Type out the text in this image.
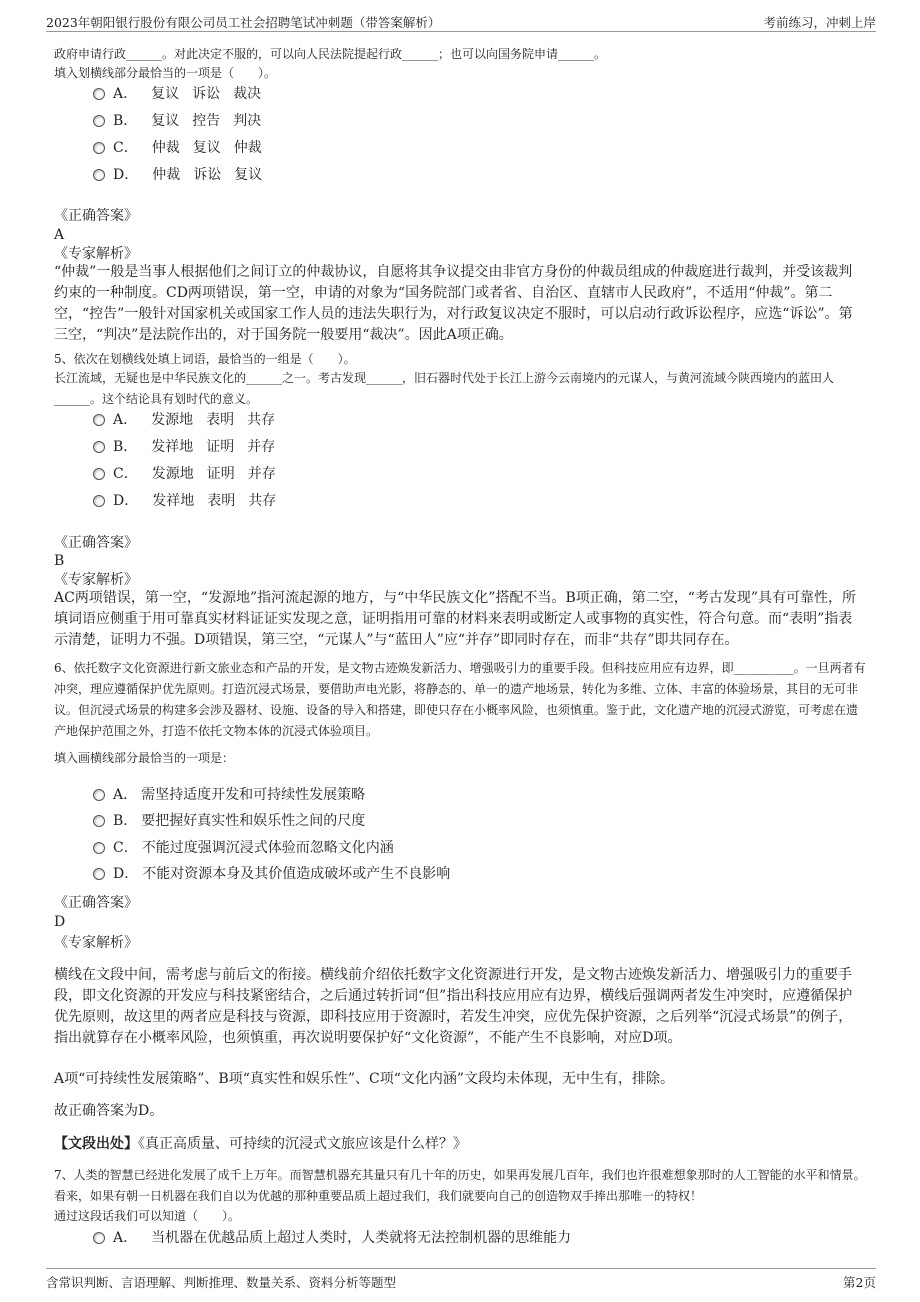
2023年朝阳银行股份有限公司员工社会招聘笔试冲刺题（带答案解析）	考前练习，冲刺上岸
政府申请行政______。对此决定不服的，可以向人民法院提起行政______；也可以向国务院申请______。
填入划横线部分最恰当的一项是（　　）。
A． 复议 诉讼 裁决
B． 复议 控告 判决
C． 仲裁 复议 仲裁
D． 仲裁 诉讼 复议
《正确答案》
A
《专家解析》
“仲裁”一般是当事人根据他们之间订立的仲裁协议，自愿将其争议提交由非官方身份的仲裁员组成的仲裁庭进行裁判，并受该裁判约束的一种制度。CD两项错误，第一空，申请的对象为“国务院部门或者省、自治区、直辖市人民政府”，不适用“仲裁”。第二空，“控告”一般针对国家机关或国家工作人员的违法失职行为，对行政复议决定不服时，可以启动行政诉讼程序，应选“诉讼”。第三空，“判决”是法院作出的，对于国务院一般要用“裁决”。因此A项正确。
5、依次在划横线处填上词语，最恰当的一组是（　　）。
长江流域，无疑也是中华民族文化的______之一。考古发现______，旧石器时代处于长江上游今云南境内的元谋人，与黄河流域今陕西境内的蓝田人______。这个结论具有划时代的意义。
A． 发源地 表明 共存
B． 发祥地 证明 并存
C． 发源地 证明 并存
D． 发祥地 表明 共存
《正确答案》
B
《专家解析》
AC两项错误，第一空，“发源地”指河流起源的地方，与“中华民族文化”搭配不当。B项正确，第二空，“考古发现”具有可靠性，所填词语应侧重于用可靠真实材料证证实发现之意，证明指用可靠的材料来表明或断定人或事物的真实性，符合句意。而“表明”指表示清楚，证明力不强。D项错误，第三空，“元谋人”与“蓝田人”应“并存”即同时存在，而非“共存”即共同存在。
6、依托数字文化资源进行新文旅业态和产品的开发，是文物古迹焕发新活力、增强吸引力的重要手段。但科技应用应有边界，即__________。一旦两者有冲突，理应遵循保护优先原则。打造沉浸式场景，要借助声电光影，将静态的、单一的遗产地场景，转化为多维、立体、丰富的体验场景，其目的无可非议。但沉浸式场景的构建多会涉及器材、设施、设备的导入和搭建，即使只存在小概率风险，也须慎重。鉴于此，文化遗产地的沉浸式游览，可考虑在遗产地保护范围之外，打造不依托文物本体的沉浸式体验项目。
填入画横线部分最恰当的一项是：
A． 需坚持适度开发和可持续性发展策略
B． 要把握好真实性和娱乐性之间的尺度
C． 不能过度强调沉浸式体验而忽略文化内涵
D． 不能对资源本身及其价值造成破坏或产生不良影响
《正确答案》
D
《专家解析》
横线在文段中间，需考虑与前后文的衔接。横线前介绍依托数字文化资源进行开发，是文物古迹焕发新活力、增强吸引力的重要手段，即文化资源的开发应与科技紧密结合，之后通过转折词“但”指出科技应用应有边界，横线后强调两者发生冲突时，应遵循保护优先原则，故这里的两者应是科技与资源，即科技应用于资源时，若发生冲突，应优先保护资源，之后列举“沉浸式场景”的例子，指出就算存在小概率风险，也须慎重，再次说明要保护好“文化资源”，不能产生不良影响，对应D项。
A项“可持续性发展策略”、B项“真实性和娱乐性”、C项“文化内涵”文段均未体现，无中生有，排除。
故正确答案为D。
【文段出处】《真正高质量、可持续的沉浸式文旅应该是什么样？》
7、人类的智慧已经进化发展了成千上万年。而智慧机器充其量只有几十年的历史，如果再发展几百年，我们也许很难想象那时的人工智能的水平和情景。看来，如果有朝一日机器在我们自以为优越的那种重要品质上超过我们，我们就要向自己的创造物双手捧出那唯一的特权！
通过这段话我们可以知道（　　）。
A． 当机器在优越品质上超过人类时，人类就将无法控制机器的思维能力
含常识判断、言语理解、判断推理、数量关系、资料分析等题型	第2页
